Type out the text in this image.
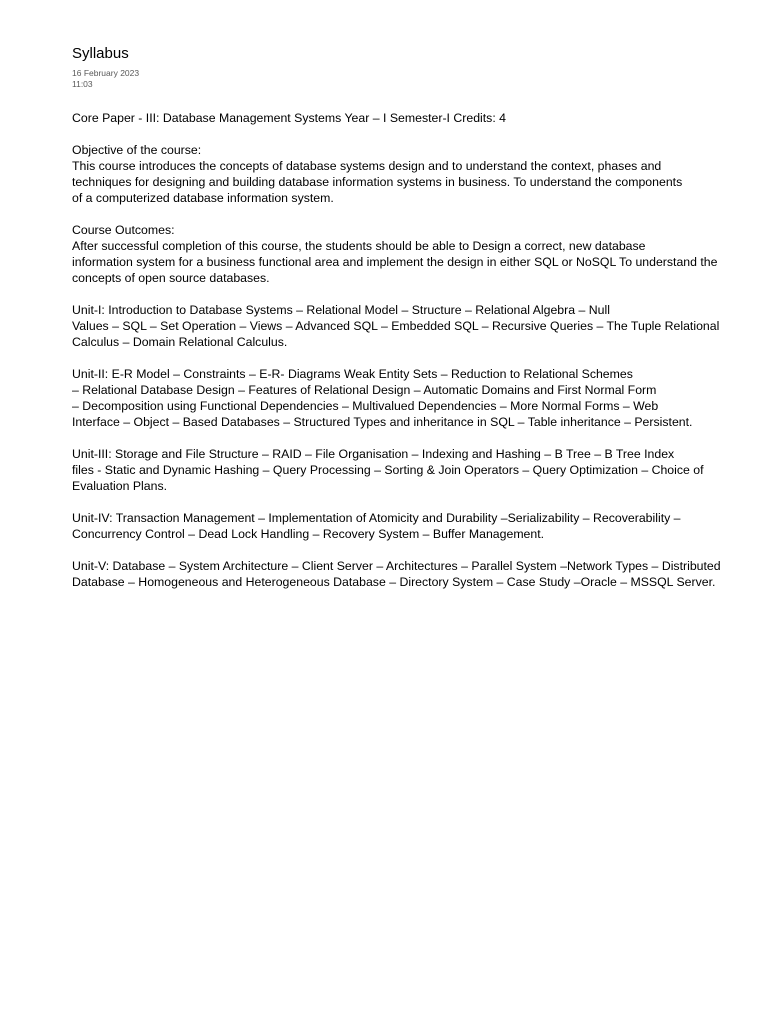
Syllabus
16 February 2023
11:03
Core Paper - III: Database Management Systems Year – I Semester-I Credits: 4
Objective of the course:
This course introduces the concepts of database systems design and to understand the context, phases and
techniques for designing and building database information systems in business. To understand the components
of a computerized database information system.
Course Outcomes:
After successful completion of this course, the students should be able to Design a correct, new database
information system for a business functional area and implement the design in either SQL or NoSQL To understand the
concepts of open source databases.
Unit-I: Introduction to Database Systems – Relational Model – Structure – Relational Algebra – Null
Values – SQL – Set Operation – Views – Advanced SQL – Embedded SQL – Recursive Queries – The Tuple Relational
Calculus – Domain Relational Calculus.
Unit-II: E-R Model – Constraints – E-R- Diagrams Weak Entity Sets – Reduction to Relational Schemes
– Relational Database Design – Features of Relational Design – Automatic Domains and First Normal Form
– Decomposition using Functional Dependencies – Multivalued Dependencies – More Normal Forms – Web
Interface – Object – Based Databases – Structured Types and inheritance in SQL – Table inheritance – Persistent.
Unit-III: Storage and File Structure – RAID – File Organisation – Indexing and Hashing – B Tree – B Tree Index
files - Static and Dynamic Hashing – Query Processing – Sorting & Join Operators – Query Optimization – Choice of
Evaluation Plans.
Unit-IV: Transaction Management – Implementation of Atomicity and Durability –Serializability – Recoverability –
Concurrency Control – Dead Lock Handling – Recovery System – Buffer Management.
Unit-V: Database – System Architecture – Client Server – Architectures – Parallel System –Network Types – Distributed
Database – Homogeneous and Heterogeneous Database – Directory System – Case Study –Oracle – MSSQL Server.
